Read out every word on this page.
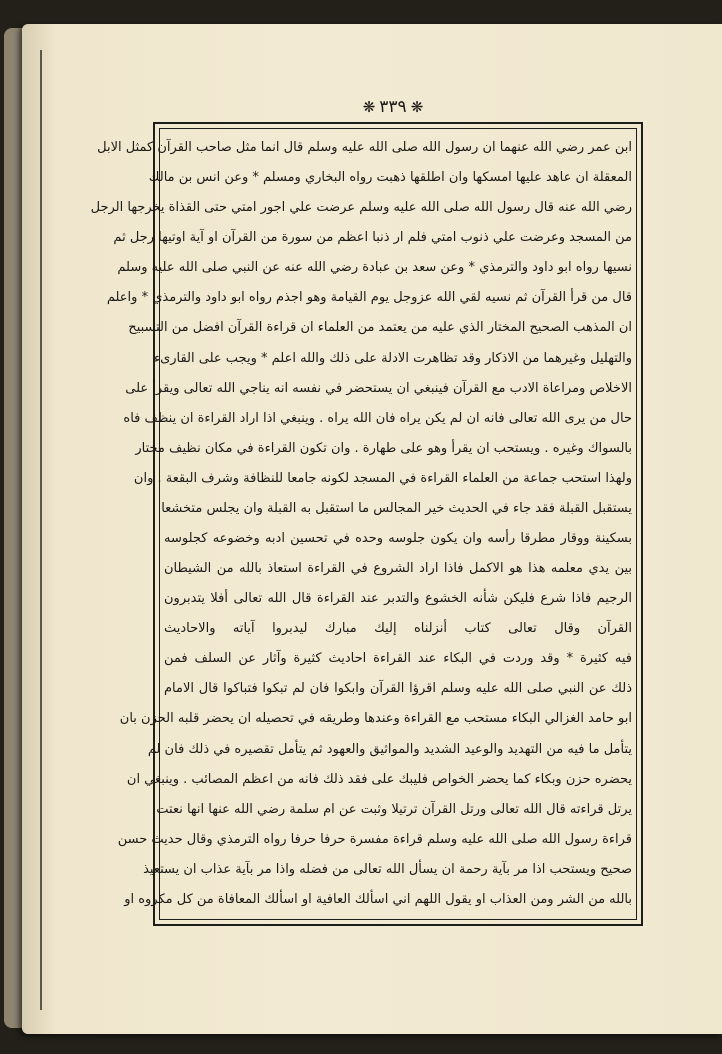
❋
٣٣٩
❋
ابن عمر رضي الله عنهما ان رسول الله صلى الله عليه وسلم قال انما مثل صاحب القرآن كمثل الابل
المعقلة ان عاهد عليها امسكها وان اطلقها ذهبت رواه البخاري ومسلم * وعن انس بن مالك
رضي الله عنه قال رسول الله صلى الله عليه وسلم عرضت علي اجور امتي حتى القذاة يخرجها الرجل
من المسجد وعرضت علي ذنوب امتي فلم ار ذنبا اعظم من سورة من القرآن او آية اوتيها رجل ثم
نسيها رواه ابو داود والترمذي * وعن سعد بن عبادة رضي الله عنه عن النبي صلى الله عليه وسلم
قال من قرأ القرآن ثم نسيه لقي الله عزوجل يوم القيامة وهو اجذم رواه ابو داود والترمذي * واعلم
ان المذهب الصحيح المختار الذي عليه من يعتمد من العلماء ان قراءة القرآن افضل من التسبيح
والتهليل وغيرهما من الاذكار وقد تظاهرت الادلة على ذلك والله اعلم * ويجب على القارىء
الاخلاص ومراعاة الادب مع القرآن فينبغي ان يستحضر في نفسه انه يناجي الله تعالى ويقرأ على
حال من يرى الله تعالى فانه ان لم يكن يراه فان الله يراه . وينبغي اذا اراد القراءة ان ينظف فاه
بالسواك وغيره . ويستحب ان يقرأ وهو على طهارة . وان تكون القراءة في مكان نظيف مختار
ولهذا استحب جماعة من العلماء القراءة في المسجد لكونه جامعا للنظافة وشرف البقعة . وان
يستقبل القبلة فقد جاء في الحديث خير المجالس ما استقبل به القبلة وان يجلس متخشعا
بسكينة ووقار مطرقا رأسه وان يكون جلوسه وحده في تحسين ادبه وخضوعه كجلوسه
بين يدي معلمه هذا هو الاكمل فاذا اراد الشروع في القراءة استعاذ بالله من الشيطان
الرجيم فاذا شرع فليكن شأنه الخشوع والتدبر عند القراءة قال الله تعالى أفلا يتدبرون
القرآن وقال تعالى كتاب أنزلناه إليك مبارك ليدبروا آياته والاحاديث
فيه كثيرة * وقد وردت في البكاء عند القراءة احاديث كثيرة وآثار عن السلف فمن
ذلك عن النبي صلى الله عليه وسلم اقرؤا القرآن وابكوا فان لم تبكوا فتباكوا قال الامام
ابو حامد الغزالي البكاء مستحب مع القراءة وعندها وطريقه في تحصيله ان يحضر قلبه الحزن بان
يتأمل ما فيه من التهديد والوعيد الشديد والمواثيق والعهود ثم يتأمل تقصيره في ذلك فان لم
يحضره حزن وبكاء كما يحضر الخواص فليبك على فقد ذلك فانه من اعظم المصائب . وينبغي ان
يرتل قراءته قال الله تعالى ورتل القرآن ترتيلا وثبت عن ام سلمة رضي الله عنها انها نعتت
قراءة رسول الله صلى الله عليه وسلم قراءة مفسرة حرفا حرفا رواه الترمذي وقال حديث حسن
صحيح ويستحب اذا مر بآية رحمة ان يسأل الله تعالى من فضله واذا مر بآية عذاب ان يستعيذ
بالله من الشر ومن العذاب او يقول اللهم اني اسألك العافية او اسألك المعافاة من كل مكروه او
